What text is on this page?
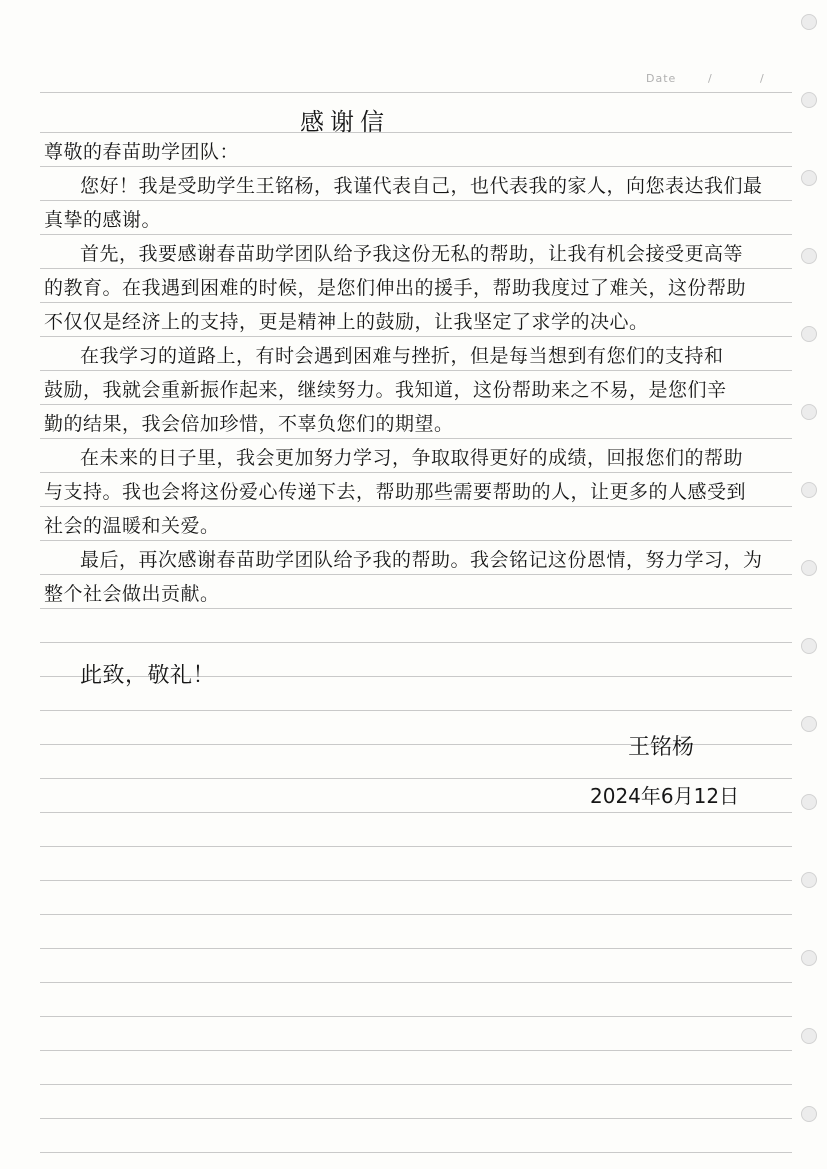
Date	/	/
感谢信
尊敬的春苗助学团队：
您好！我是受助学生王铭杨，我谨代表自己，也代表我的家人，向您表达我们最
真挚的感谢。
首先，我要感谢春苗助学团队给予我这份无私的帮助，让我有机会接受更高等
的教育。在我遇到困难的时候，是您们伸出的援手，帮助我度过了难关，这份帮助
不仅仅是经济上的支持，更是精神上的鼓励，让我坚定了求学的决心。
在我学习的道路上，有时会遇到困难与挫折，但是每当想到有您们的支持和
鼓励，我就会重新振作起来，继续努力。我知道，这份帮助来之不易，是您们辛
勤的结果，我会倍加珍惜，不辜负您们的期望。
在未来的日子里，我会更加努力学习，争取取得更好的成绩，回报您们的帮助
与支持。我也会将这份爱心传递下去，帮助那些需要帮助的人，让更多的人感受到
社会的温暖和关爱。
最后，再次感谢春苗助学团队给予我的帮助。我会铭记这份恩情，努力学习，为
整个社会做出贡献。
此致，敬礼！
王铭杨
2024年6月12日
